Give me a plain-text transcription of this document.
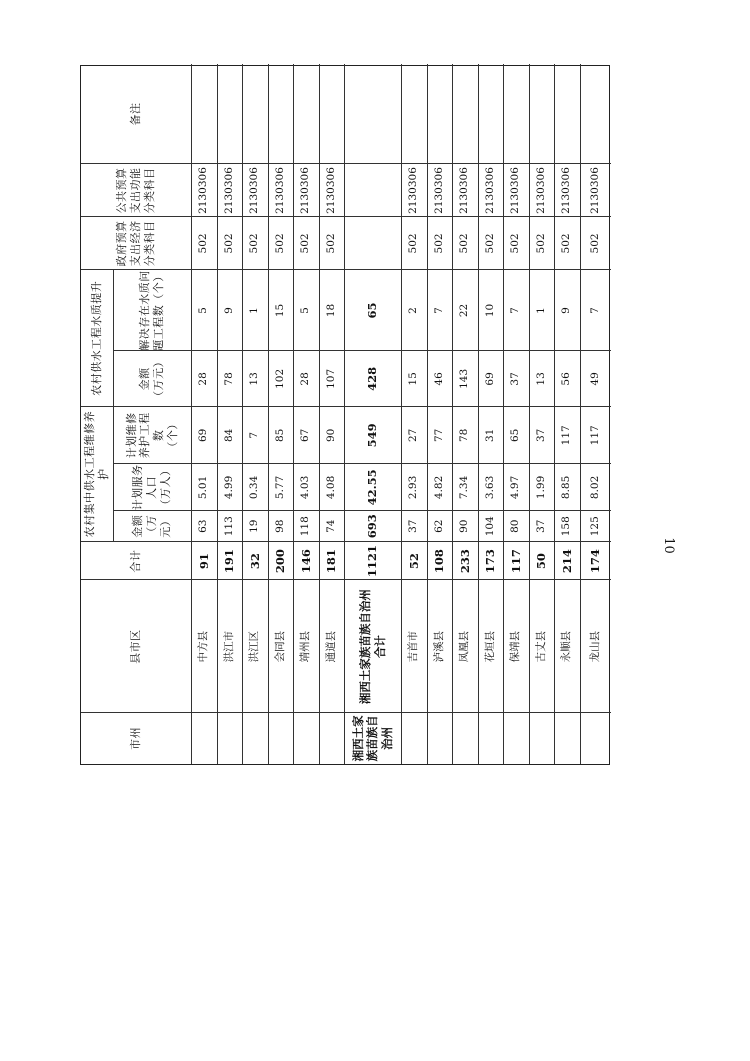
市州
县市区
合计
农村集中供水工程维修养护
金额
（万
元）
计划服务
人口
（万人）
计划维修
养护工程数
（个）
农村供水工程水质提升	金额
（万元）
解决存在水质问
题工程数（个）
政府预算
支出经济
分类科目
公共预算
支出功能
分类科目
备注
中方县
91
63
5.01
69
28
5
502
2130306
洪江市
191
113
4.99
84
78
9
502
2130306
洪江区
32
19
0.34
7
13
1
502
2130306
会同县
200
98
5.77
85
102
15
502
2130306
靖州县
146
118
4.03
67
28
5
502
2130306
通道县
181
74
4.08
90
107
18
502
2130306
湘西土家
族苗族自
治州
湘西土家族苗族自治州
合计
1121
693
42.55
549
428
65
吉首市
52
37
2.93
27
15
2
502
2130306
泸溪县
108
62
4.82
77
46
7
502
2130306
凤凰县
233
90
7.34
78
143
22
502
2130306
花垣县
173
104
3.63
31
69
10
502
2130306
保靖县
117
80
4.97
65
37
7
502
2130306
古丈县
50
37
1.99
37
13
1
502
2130306
永顺县
214
158
8.85
117
56
9
502
2130306
龙山县
174
125
8.02
117
49
7
502
2130306
10
